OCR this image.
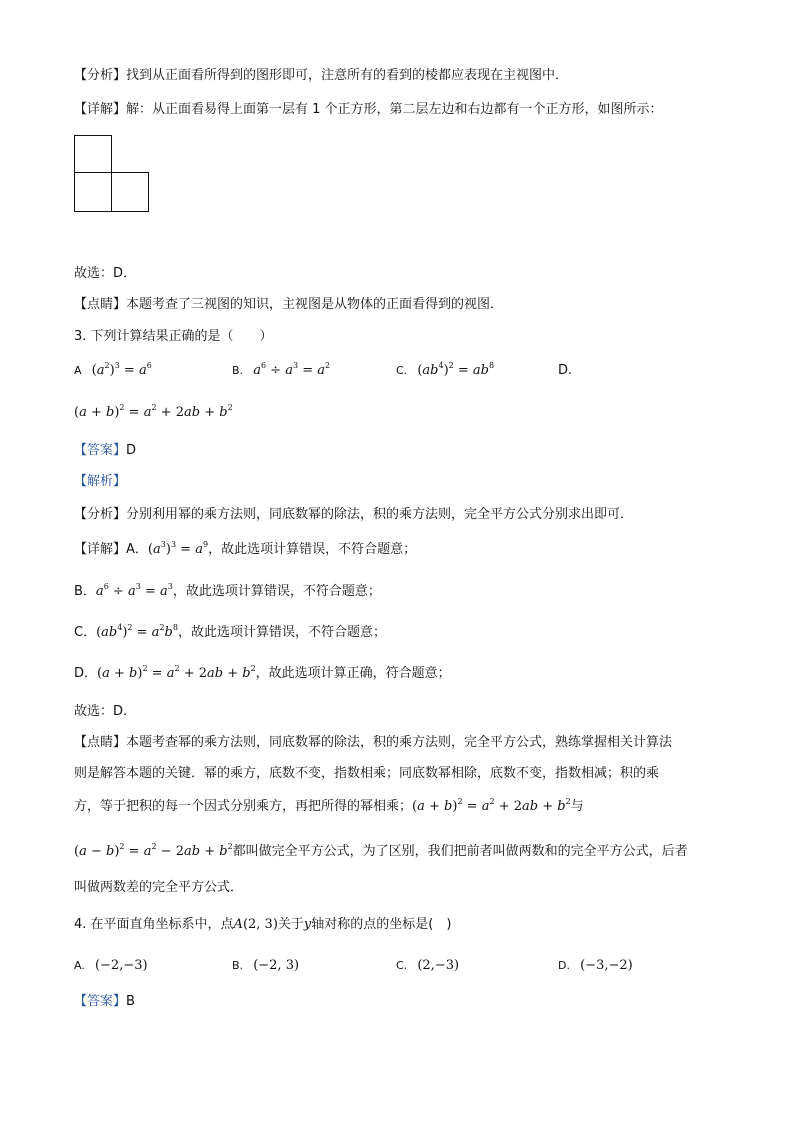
【分析】找到从正面看所得到的图形即可，注意所有的看到的棱都应表现在主视图中．
【详解】解：从正面看易得上面第一层有 1 个正方形，第二层左边和右边都有一个正方形，如图所示：
故选：D．
【点睛】本题考查了三视图的知识，主视图是从物体的正面看得到的视图．
3. 下列计算结果正确的是（　　）
A $(a^2)^3 = a^6$	B. $a^6 \div a^3 = a^2$	C. $(ab^4)^2 = ab^8$	D.
$(a + b)^2 = a^2 + 2ab + b^2$
【答案】D
【解析】
【分析】分别利用幂的乘方法则，同底数幂的除法，积的乘方法则，完全平方公式分别求出即可．
【详解】A．$(a^3)^3 = a^9$，故此选项计算错误，不符合题意；
B．$a^6 \div a^3 = a^3$，故此选项计算错误，不符合题意；
C．$(ab^4)^2 = a^2b^8$，故此选项计算错误，不符合题意；
D．$(a + b)^2 = a^2 + 2ab + b^2$，故此选项计算正确，符合题意；
故选：D．
【点睛】本题考查幂的乘方法则，同底数幂的除法，积的乘方法则，完全平方公式，熟练掌握相关计算法
则是解答本题的关键．幂的乘方，底数不变，指数相乘；同底数幂相除，底数不变，指数相减；积的乘
方，等于把积的每一个因式分别乘方，再把所得的幂相乘；$(a + b)^2 = a^2 + 2ab + b^2$与
$(a - b)^2 = a^2 - 2ab + b^2$都叫做完全平方公式，为了区别，我们把前者叫做两数和的完全平方公式，后者
叫做两数差的完全平方公式．
4. 在平面直角坐标系中，点A(2, 3)关于y轴对称的点的坐标是(　)
A. (−2,−3)	B. (−2, 3)	C. (2,−3)	D. (−3,−2)
【答案】B
